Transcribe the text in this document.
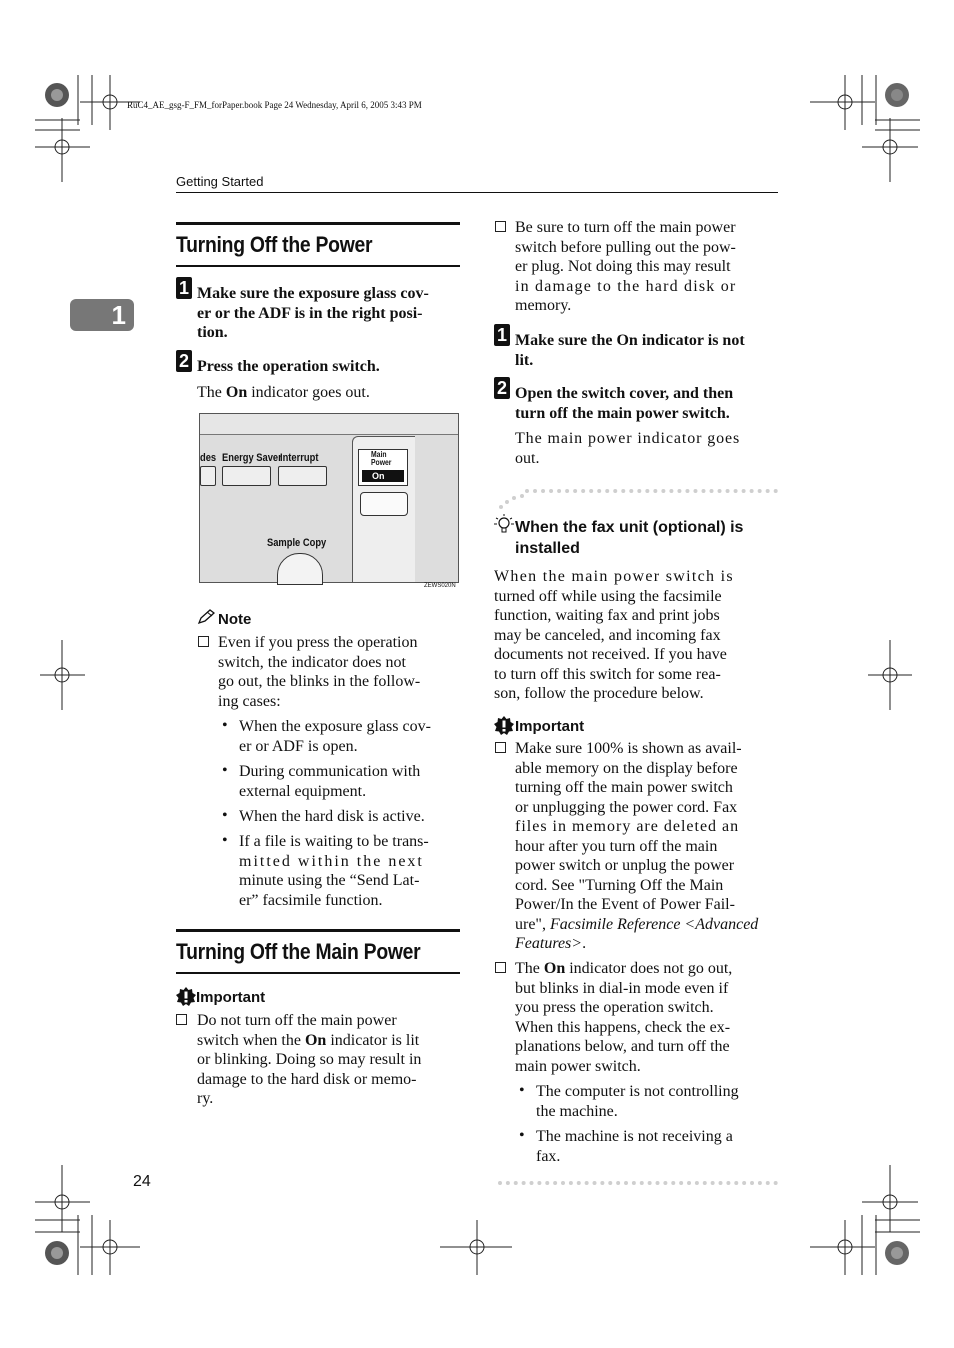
RuC4_AE_gsg-F_FM_forPaper.book Page 24 Wednesday, April 6, 2005 3:43 PM
Getting Started
1
Turning Off the Power
1 Make sure the exposure glass cov-
er or the ADF is in the right posi-
tion.
2 Press the operation switch.
The On indicator goes out.
des Energy Saver
Interrupt	Main
Power
On
Sample Copy
ZEWS020N
Note
Even if you press the operation
switch, the indicator does not
go out, the blinks in the follow-
ing cases:
• When the exposure glass cov-
er or ADF is open.
• During communication with
external equipment.
• When the hard disk is active.
• If a file is waiting to be trans-
mitted within the next
minute using the “Send Lat-
er” facsimile function.
Turning Off the Main Power
Important
Do not turn off the main power
switch when the On indicator is lit
or blinking. Doing so may result in
damage to the hard disk or memo-
ry.
Be sure to turn off the main power
switch before pulling out the pow-
er plug. Not doing this may result
in damage to the hard disk or
memory.
1 Make sure the On indicator is not
lit.
2 Open the switch cover, and then
turn off the main power switch.
The main power indicator goes
out.
When the fax unit (optional) is
installed
When the main power switch is
turned off while using the facsimile
function, waiting fax and print jobs
may be canceled, and incoming fax
documents not received. If you have
to turn off this switch for some rea-
son, follow the procedure below.
Important
Make sure 100% is shown as avail-
able memory on the display before
turning off the main power switch
or unplugging the power cord. Fax
files in memory are deleted an
hour after you turn off the main
power switch or unplug the power
cord. See "Turning Off the Main
Power/In the Event of Power Fail-
ure", Facsimile Reference <Advanced
Features>.
The On indicator does not go out,
but blinks in dial-in mode even if
you press the operation switch.
When this happens, check the ex-
planations below, and turn off the
main power switch.
• The computer is not controlling
the machine.
• The machine is not receiving a
fax.
24
